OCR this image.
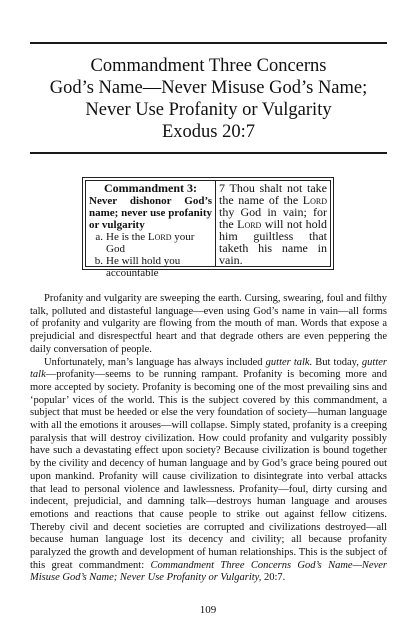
Commandment Three Concerns
God’s Name—Never Misuse God’s Name;
Never Use Profanity or Vulgarity
Exodus 20:7
Commandment 3:
Never dishonor God’s name; never use profanity or vulgarity
a. He is the Lord your God
b. He will hold you accountable
7 Thou shalt not take the name of the Lord thy God in vain; for the Lord will not hold him guiltless that taketh his name in vain.

Profanity and vulgarity are sweeping the earth. Cursing, swearing, foul and filthy talk, polluted and distasteful language—even using God’s name in vain—all forms of profanity and vulgarity are flowing from the mouth of man. Words that expose a prejudicial and disrespectful heart and that degrade others are even peppering the daily conversation of people.

Unfortunately, man’s language has always included gutter talk. But today, gutter talk—profanity—seems to be running rampant. Profanity is becoming more and more accepted by society. Profanity is becoming one of the most prevailing sins and ‘popular’ vices of the world. This is the subject covered by this commandment, a subject that must be heeded or else the very foundation of society—human language with all the emotions it arouses—will collapse. Simply stated, profanity is a creeping paralysis that will destroy civilization. How could profanity and vulgarity possibly have such a devastating effect upon society? Because civilization is bound together by the civility and decency of human language and by God’s grace being poured out upon mankind. Profanity will cause civilization to disintegrate into verbal attacks that lead to personal violence and lawlessness. Profanity—foul, dirty cursing and indecent, prejudicial, and damning talk—destroys human language and arouses emotions and reactions that cause people to strike out against fellow citizens. Thereby civil and decent societies are corrupted and civilizations destroyed—all because human language lost its decency and civility; all because profanity paralyzed the growth and development of human relationships. This is the subject of this great commandment: Commandment Three Concerns God’s Name—Never Misuse God’s Name; Never Use Profanity or Vulgarity, 20:7.

109
